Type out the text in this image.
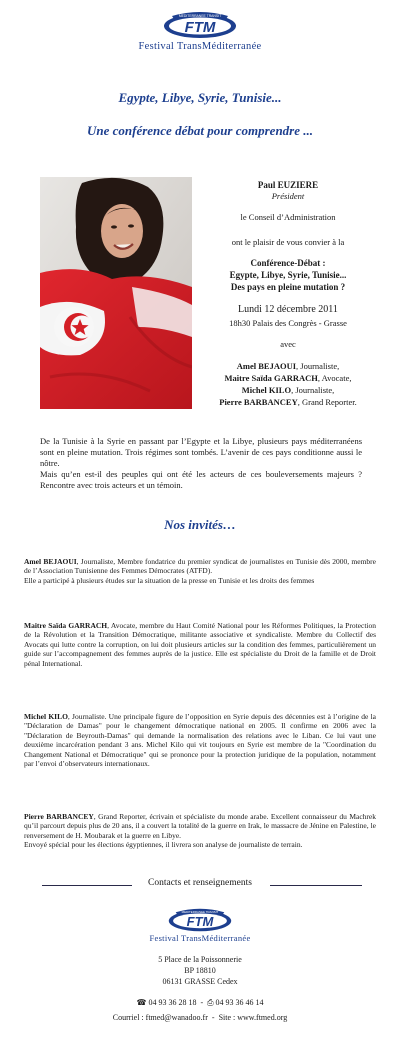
MEDITERRANEE TRANSIT
FTM
Festival TransMéditerranée
Egypte, Libye, Syrie, Tunisie...
Une conférence débat pour comprendre ...
Paul EUZIERE
Président
le Conseil d’Administration
ont le plaisir de vous convier à la
Conférence-Débat :
Egypte, Libye, Syrie, Tunisie...
Des pays en pleine mutation ?
Lundi 12 décembre 2011
18h30 Palais des Congrès - Grasse
avec
Amel BEJAOUI, Journaliste,
Maitre Saïda GARRACH, Avocate,
Michel KILO, Journaliste,
Pierre BARBANCEY, Grand Reporter.

De la Tunisie à la Syrie en passant par l’Egypte et la Libye, plusieurs pays méditerranéens sont en pleine mutation. Trois régimes sont tombés. L’avenir de ces pays conditionne aussi le nôtre.

Mais qu’en est-il des peuples qui ont été les acteurs de ces bouleversements majeurs ? Rencontre avec trois acteurs et un témoin.

Nos invités…

Amel BEJAOUI, Journaliste, Membre fondatrice du premier syndicat de journalistes en Tunisie dès 2000, membre de l’Association Tunisienne des Femmes Démocrates (ATFD).

Elle a participé à plusieurs études sur la situation de la presse en Tunisie et les droits des femmes

Maitre Saïda GARRACH, Avocate, membre du Haut Comité National pour les Réformes Politiques, la Protection de la Révolution et la Transition Démocratique, militante associative et syndicaliste. Membre du Collectif des Avocats qui lutte contre la corruption, on lui doit plusieurs articles sur la condition des femmes, particulièrement un guide sur l’accompagnement des femmes auprès de la justice. Elle est spécialiste du Droit de la famille et de Droit pénal International.

Michel KILO, Journaliste. Une principale figure de l’opposition en Syrie depuis des décennies est à l’origine de la "Déclaration de Damas" pour le changement démocratique national en 2005. Il confirme en 2006 avec la "Déclaration de Beyrouth-Damas" qui demande la normalisation des relations avec le Liban. Ce lui vaut une deuxième incarcération pendant 3 ans. Michel Kilo qui vit toujours en Syrie est membre de la "Coordination du Changement National et Démocratique" qui se prononce pour la protection juridique de la population, notamment par l’envoi d’observateurs internationaux.

Pierre BARBANCEY, Grand Reporter, écrivain et spécialiste du monde arabe. Excellent connaisseur du Machrek qu’il parcourt depuis plus de 20 ans, il a couvert la totalité de la guerre en Irak, le massacre de Jénine en Palestine, le renversement de H. Moubarak et la guerre en Libye.

Envoyé spécial pour les élections égyptiennes, il livrera son analyse de journaliste de terrain.

Contacts et renseignements
MEDITERRANEE TRANSIT
FTM
Festival TransMéditerranée
5 Place de la Poissonnerie
BP 18810
06131 GRASSE Cedex
☎ 04 93 36 28 18 - ⎙ 04 93 36 46 14
Courriel : ftmed@wanadoo.fr - Site : www.ftmed.org
